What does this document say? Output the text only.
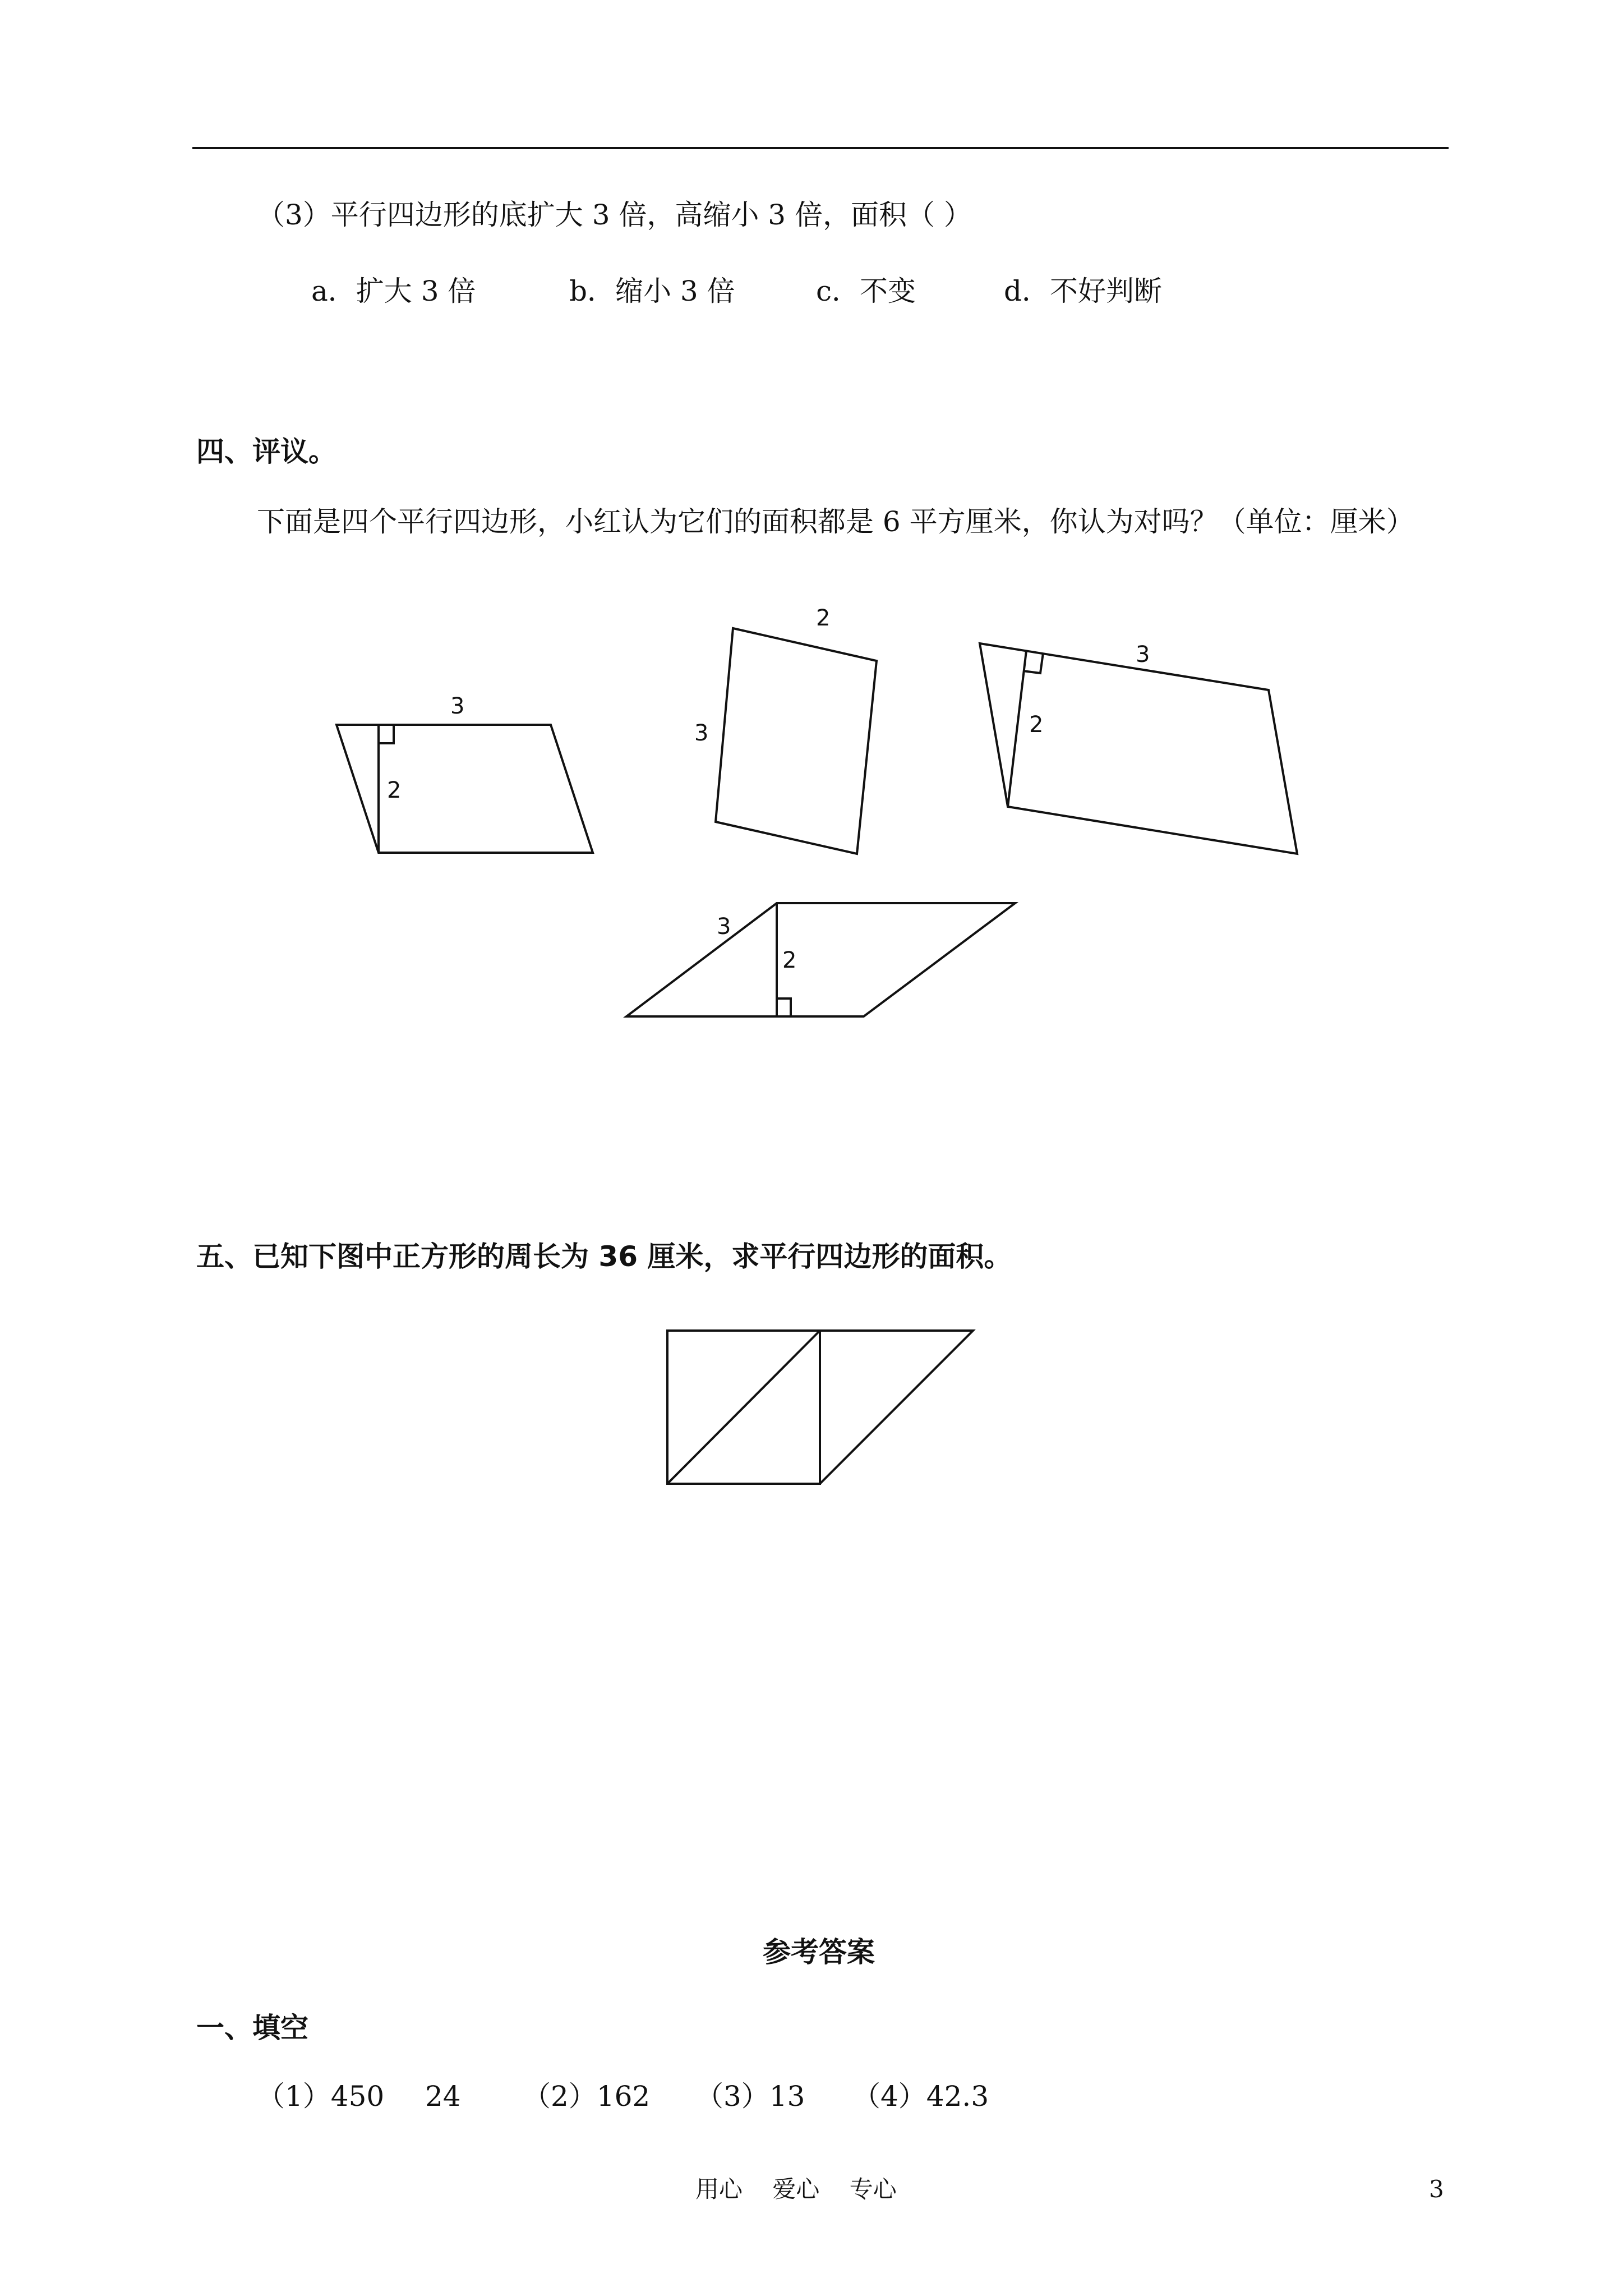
（3）平行四边形的底扩大 3 倍，高缩小 3 倍，面积（ ）
a．扩大 3 倍	b．缩小 3 倍	c．不变	d．不好判断
四、评议。
下面是四个平行四边形，小红认为它们的面积都是 6 平方厘米，你认为对吗？（单位：厘米）
3
2
2
3
3
2
3
2
五、已知下图中正方形的周长为 36 厘米，求平行四边形的面积。
参考答案
一、填空
（1）450 24 （2）162 （3）13 （4）42.3
用心    爱心    专心	3
